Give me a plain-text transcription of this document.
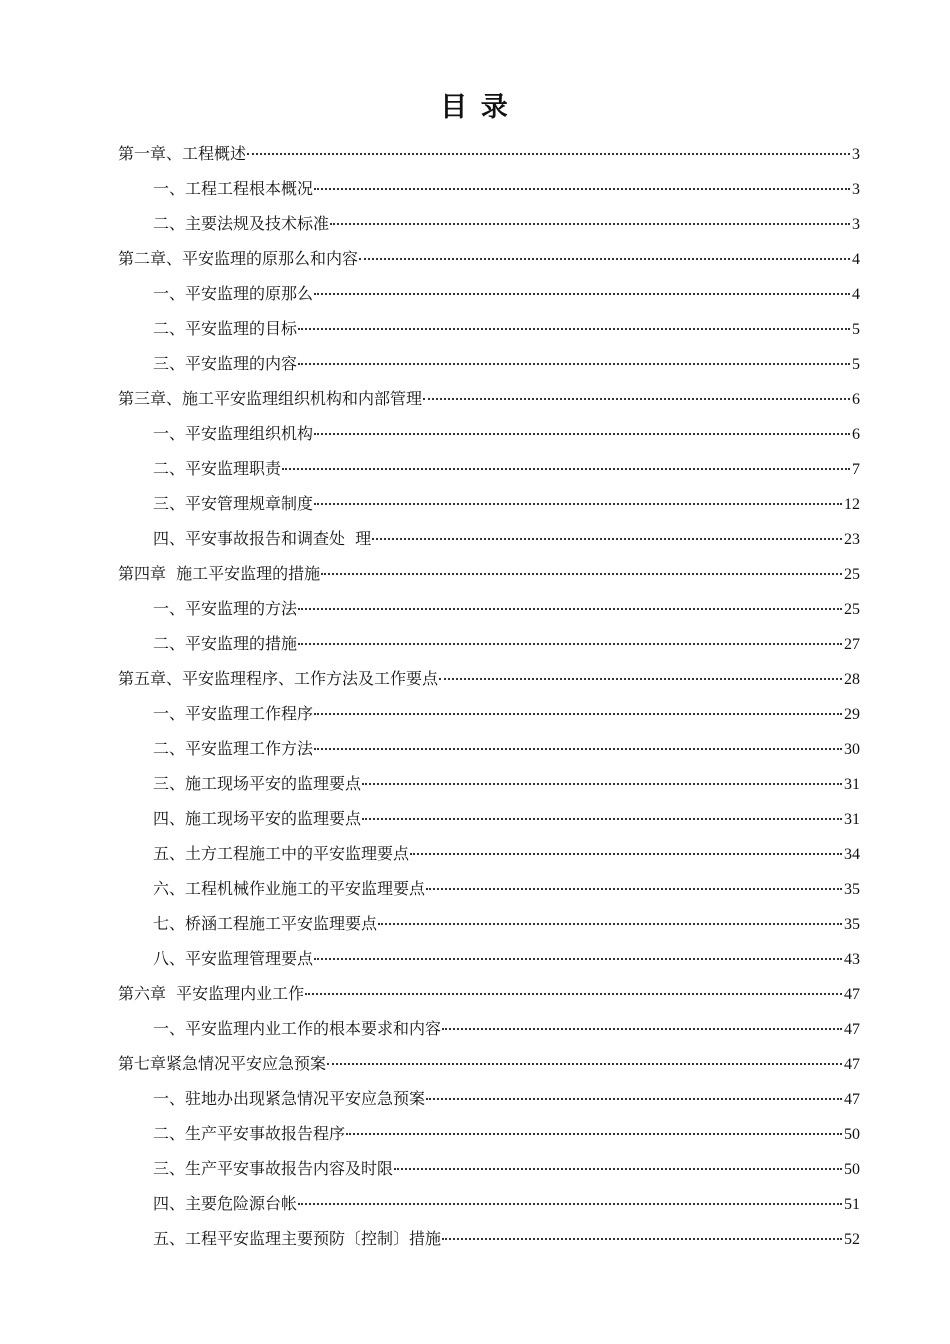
目 录
第一章、工程概述	3
一、工程工程根本概况	3
二、主要法规及技术标准	3
第二章、平安监理的原那么和内容	4
一、平安监理的原那么	4
二、平安监理的目标	5
三、平安监理的内容	5
第三章、施工平安监理组织机构和内部管理	6
一、平安监理组织机构	6
二、平安监理职责	7
三、平安管理规章制度	12
四、平安事故报告和调查处  理	23
第四章  施工平安监理的措施	25
一、平安监理的方法	25
二、平安监理的措施	27
第五章、平安监理程序、工作方法及工作要点	28
一、平安监理工作程序	29
二、平安监理工作方法	30
三、施工现场平安的监理要点	31
四、施工现场平安的监理要点	31
五、土方工程施工中的平安监理要点	34
六、工程机械作业施工的平安监理要点	35
七、桥涵工程施工平安监理要点	35
八、平安监理管理要点	43
第六章  平安监理内业工作	47
一、平安监理内业工作的根本要求和内容	47
第七章紧急情况平安应急预案	47
一、驻地办出现紧急情况平安应急预案	47
二、生产平安事故报告程序	50
三、生产平安事故报告内容及时限	50
四、主要危险源台帐	51
五、工程平安监理主要预防〔控制〕措施	52
